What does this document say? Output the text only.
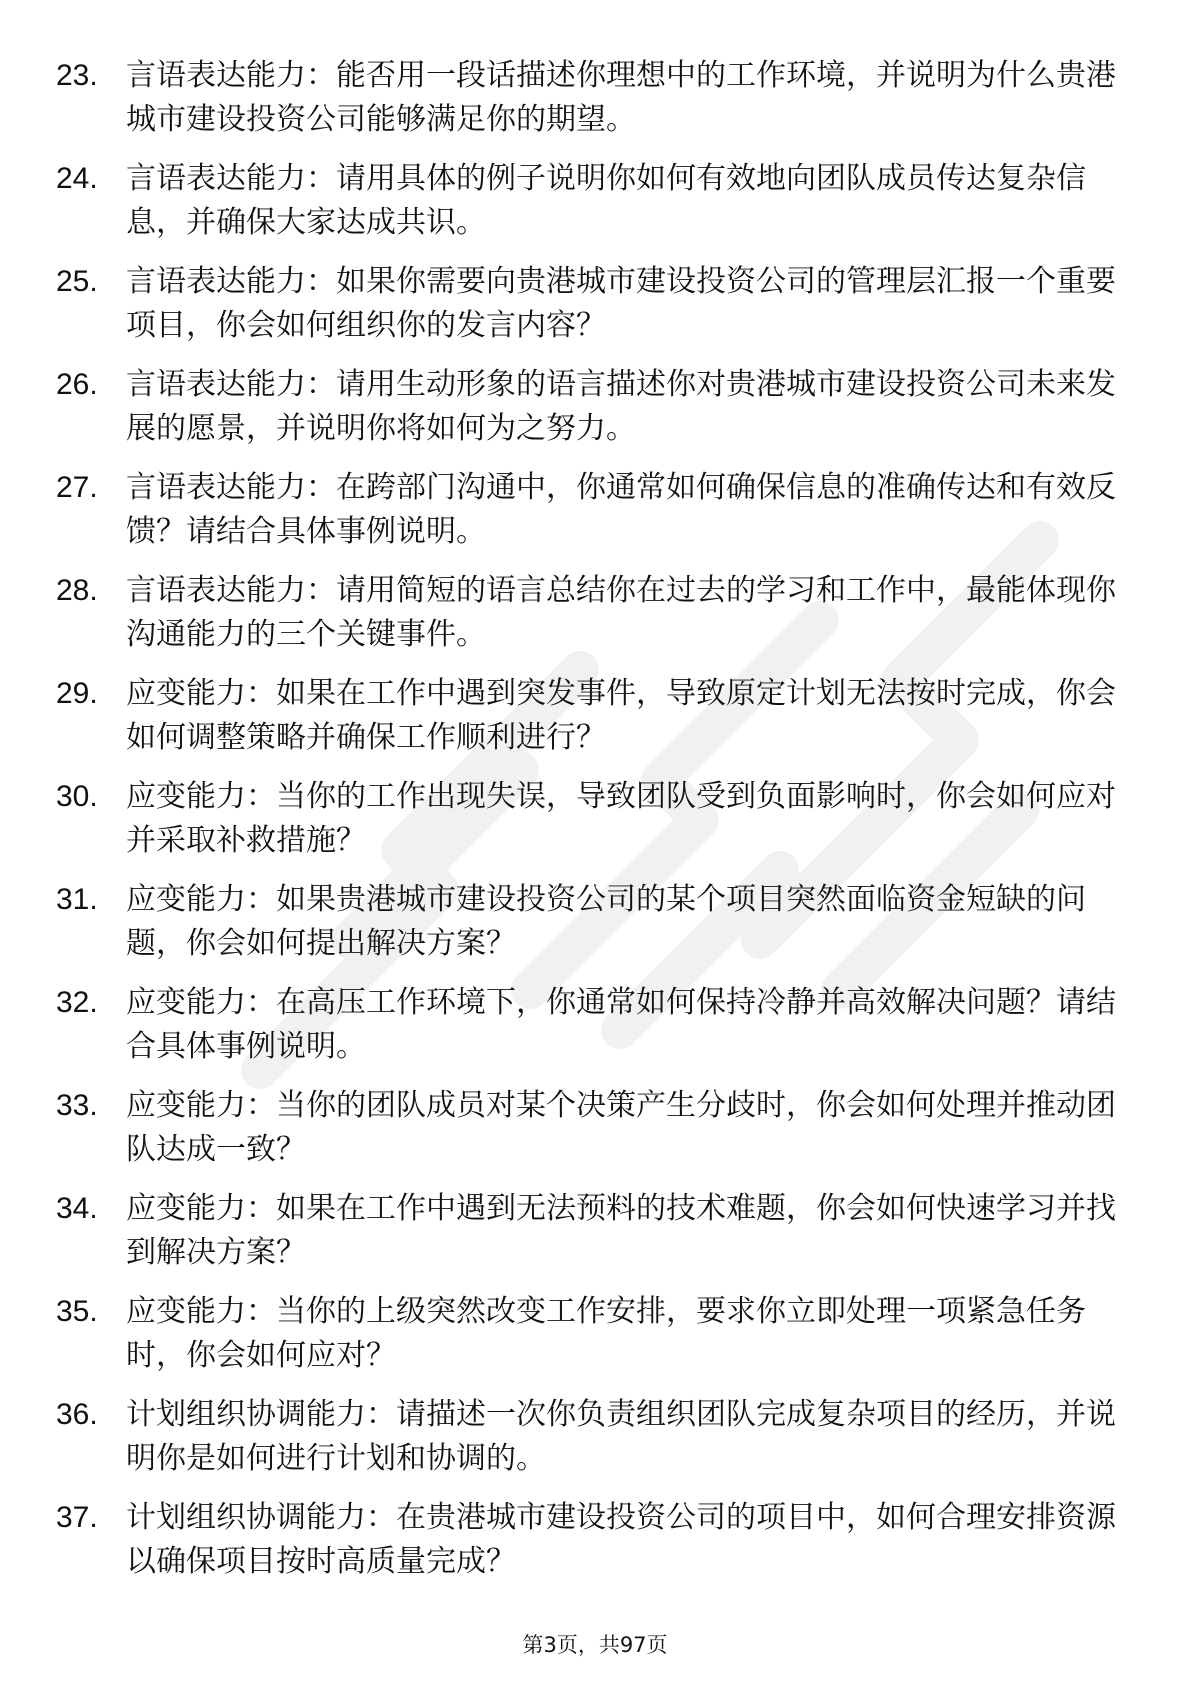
23. 言语表达能力：能否用一段话描述你理想中的工作环境，并说明为什么贵港城市建设投资公司能够满足你的期望。
24. 言语表达能力：请用具体的例子说明你如何有效地向团队成员传达复杂信息，并确保大家达成共识。
25. 言语表达能力：如果你需要向贵港城市建设投资公司的管理层汇报一个重要项目，你会如何组织你的发言内容？
26. 言语表达能力：请用生动形象的语言描述你对贵港城市建设投资公司未来发展的愿景，并说明你将如何为之努力。
27. 言语表达能力：在跨部门沟通中，你通常如何确保信息的准确传达和有效反馈？请结合具体事例说明。
28. 言语表达能力：请用简短的语言总结你在过去的学习和工作中，最能体现你沟通能力的三个关键事件。
29. 应变能力：如果在工作中遇到突发事件，导致原定计划无法按时完成，你会如何调整策略并确保工作顺利进行？
30. 应变能力：当你的工作出现失误，导致团队受到负面影响时，你会如何应对并采取补救措施？
31. 应变能力：如果贵港城市建设投资公司的某个项目突然面临资金短缺的问题，你会如何提出解决方案？
32. 应变能力：在高压工作环境下，你通常如何保持冷静并高效解决问题？请结合具体事例说明。
33. 应变能力：当你的团队成员对某个决策产生分歧时，你会如何处理并推动团队达成一致？
34. 应变能力：如果在工作中遇到无法预料的技术难题，你会如何快速学习并找到解决方案？
35. 应变能力：当你的上级突然改变工作安排，要求你立即处理一项紧急任务时，你会如何应对？
36. 计划组织协调能力：请描述一次你负责组织团队完成复杂项目的经历，并说明你是如何进行计划和协调的。
37. 计划组织协调能力：在贵港城市建设投资公司的项目中，如何合理安排资源以确保项目按时高质量完成？
第3页，共97页
